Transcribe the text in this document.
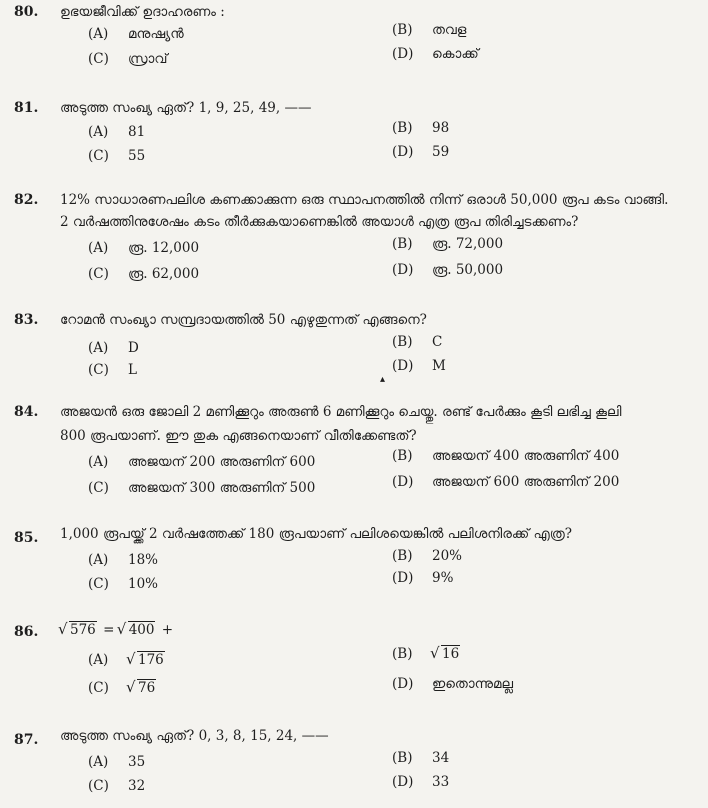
80. ഉഭയജീവിക്ക് ഉദാഹരണം :
(A) മനുഷ്യൻ	(B) തവള
(C) സ്രാവ്	(D) കൊക്ക്
81. അടുത്ത സംഖ്യ ഏത്? 1, 9, 25, 49, ——
(A) 81	(B) 98
(C) 55	(D) 59
82. 12% സാധാരണപലിശ കണക്കാക്കുന്ന ഒരു സ്ഥാപനത്തിൽ നിന്ന് ഒരാൾ 50,000 രൂപ കടം വാങ്ങി.
2 വർഷത്തിനുശേഷം കടം തീർക്കുകയാണെങ്കിൽ അയാൾ എത്ര രൂപ തിരിച്ചടക്കണം?
(A) രൂ. 12,000	(B) രൂ. 72,000
(C) രൂ. 62,000	(D) രൂ. 50,000
83. റോമൻ സംഖ്യാ സമ്പ്രദായത്തിൽ 50 എഴുതുന്നത് എങ്ങനെ?
(A) D	(B) C
(C) L	(D) M
▴
84. അജയൻ ഒരു ജോലി 2 മണിക്കൂറും അരുൺ 6 മണിക്കൂറും ചെയ്തു. രണ്ട് പേർക്കും കൂടി ലഭിച്ച കൂലി
800 രൂപയാണ്. ഈ തുക എങ്ങനെയാണ് വീതിക്കേണ്ടത്?
(A) അജയന് 200 അരുണിന് 600	(B) അജയന് 400 അരുണിന് 400
(C) അജയന് 300 അരുണിന് 500	(D) അജയന് 600 അരുണിന് 200
85. 1,000 രൂപയ്ക്ക് 2 വർഷത്തേക്ക് 180 രൂപയാണ് പലിശയെങ്കിൽ പലിശനിരക്ക് എത്ര?
(A) 18%	(B) 20%
(C) 10%	(D) 9%
86.	√ 576 = √ 400 +
(A) √ 176	(B) √ 16
(C) √ 76	(D) ഇതൊന്നുമല്ല
87. അടുത്ത സംഖ്യ ഏത്? 0, 3, 8, 15, 24, ——
(A) 35	(B) 34
(C) 32	(D) 33
